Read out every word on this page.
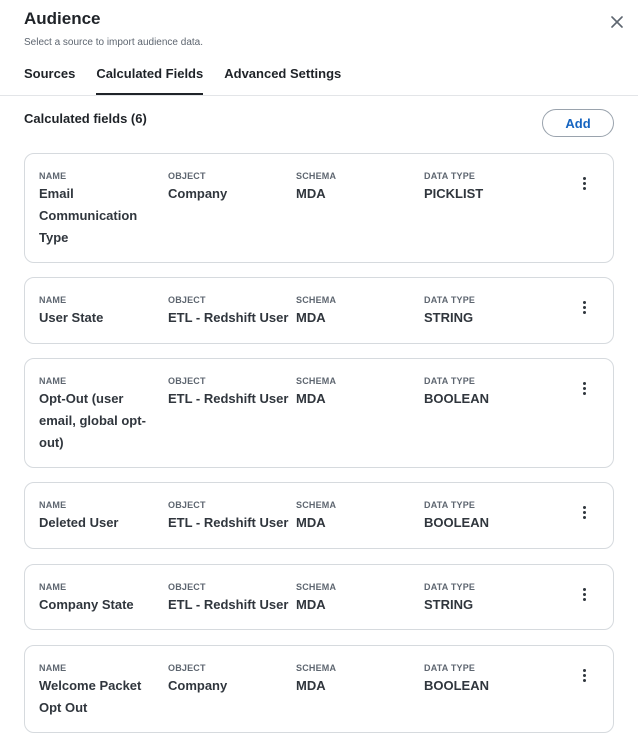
Audience
Select a source to import audience data.
Sources Calculated Fields Advanced Settings
Calculated fields (6)	Add
NAME
Email Communication Type
OBJECT
Company
SCHEMA
MDA
DATA TYPE
PICKLIST
NAME
User State
OBJECT
ETL - Redshift User
SCHEMA
MDA
DATA TYPE
STRING
NAME
Opt-Out (user email, global opt-out)
OBJECT
ETL - Redshift User
SCHEMA
MDA
DATA TYPE
BOOLEAN
NAME
Deleted User
OBJECT
ETL - Redshift User
SCHEMA
MDA
DATA TYPE
BOOLEAN
NAME
Company State
OBJECT
ETL - Redshift User
SCHEMA
MDA
DATA TYPE
STRING
NAME
Welcome Packet Opt Out
OBJECT
Company
SCHEMA
MDA
DATA TYPE
BOOLEAN
